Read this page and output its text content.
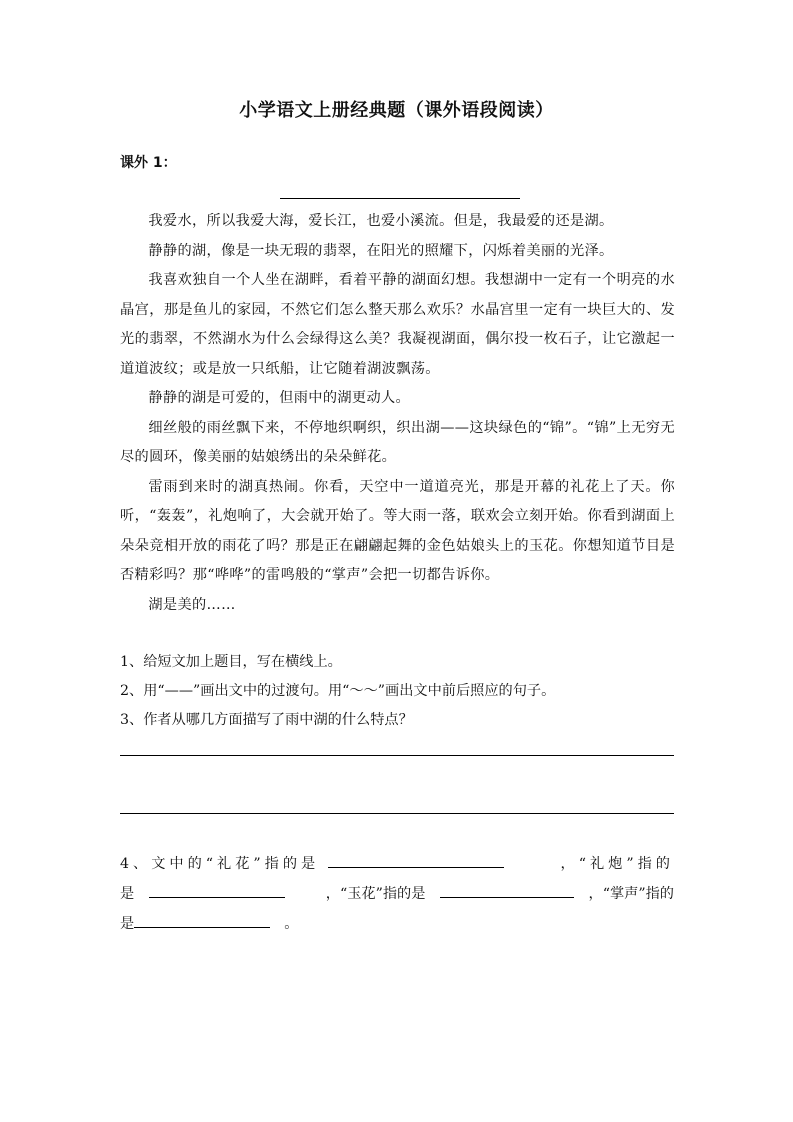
小学语文上册经典题（课外语段阅读）
课外 1：

我爱水，所以我爱大海，爱长江，也爱小溪流。但是，我最爱的还是湖。

静静的湖，像是一块无瑕的翡翠，在阳光的照耀下，闪烁着美丽的光泽。

我喜欢独自一个人坐在湖畔，看着平静的湖面幻想。我想湖中一定有一个明亮的水晶宫，那是鱼儿的家园，不然它们怎么整天那么欢乐？水晶宫里一定有一块巨大的、发光的翡翠，不然湖水为什么会绿得这么美？我凝视湖面，偶尔投一枚石子，让它激起一道道波纹；或是放一只纸船，让它随着湖波飘荡。

静静的湖是可爱的，但雨中的湖更动人。

细丝般的雨丝飘下来，不停地织啊织，织出湖——这块绿色的“锦”。“锦”上无穷无尽的圆环，像美丽的姑娘绣出的朵朵鲜花。

雷雨到来时的湖真热闹。你看，天空中一道道亮光，那是开幕的礼花上了天。你听，“轰轰”，礼炮响了，大会就开始了。等大雨一落，联欢会立刻开始。你看到湖面上朵朵竞相开放的雨花了吗？那是正在翩翩起舞的金色姑娘头上的玉花。你想知道节目是否精彩吗？那“哗哗”的雷鸣般的“掌声”会把一切都告诉你。

湖是美的……

1、给短文加上题目，写在横线上。

2、用“——”画出文中的过渡句。用“～～”画出文中前后照应的句子。

3、作者从哪几方面描写了雨中湖的什么特点？

4、文中的“礼花”指的是	，“礼炮”指的
是	，“玉花”指的是	，“掌声”指的
是	。
